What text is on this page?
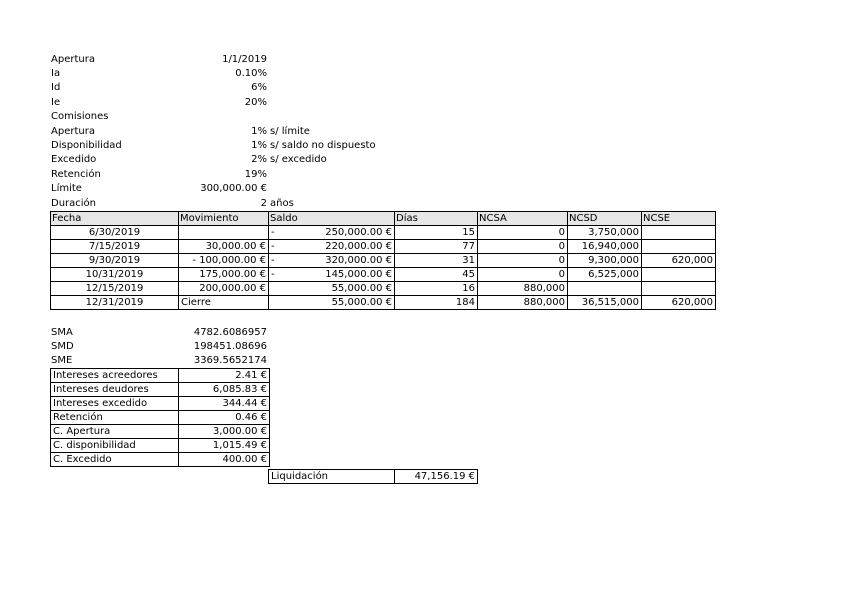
Apertura	1/1/2019
Ia	0.10%
Id	6%
Ie	20%
Comisiones
Apertura	1% s/ límite
Disponibilidad	1% s/ saldo no dispuesto
Excedido	2% s/ excedido
Retención	19%
Límite	300,000.00 €
Duración	2 años
Fecha	Movimiento	Saldo	Días	NCSA	NCSD	NCSE
6/30/2019		- 250,000.00 €	15	0	3,750,000	
7/15/2019	30,000.00 €	- 220,000.00 €	77	0	16,940,000	
9/30/2019	- 100,000.00 €	- 320,000.00 €	31	0	9,300,000	620,000
10/31/2019	175,000.00 €	- 145,000.00 €	45	0	6,525,000	
12/15/2019	200,000.00 €	55,000.00 €	16	880,000		
12/31/2019	Cierre	55,000.00 €	184	880,000	36,515,000	620,000
SMA	4782.6086957
SMD	198451.08696
SME	3369.5652174
Intereses acreedores	2.41 €
Intereses deudores	6,085.83 €
Intereses excedido	344.44 €
Retención	0.46 €
C. Apertura	3,000.00 €
C. disponibilidad	1,015.49 €
C. Excedido	400.00 €
Liquidación	47,156.19 €
